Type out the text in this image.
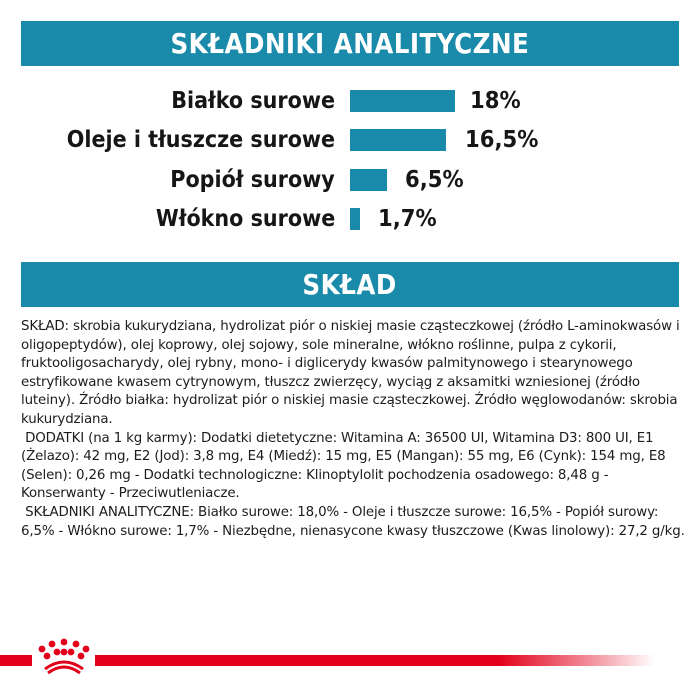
SKŁADNIKI ANALITYCZNE
Białko surowe	18%
Oleje i tłuszcze surowe	16,5%
Popiół surowy	6,5%
Włókno surowe 1,7%
SKŁAD

SKŁAD: skrobia kukurydziana, hydrolizat piór o niskiej masie cząsteczkowej (źródło L-aminokwasów i oligopeptydów), olej koprowy, olej sojowy, sole mineralne, włókno roślinne, pulpa z cykorii, fruktooligosacharydy, olej rybny, mono- i diglicerydy kwasów palmitynowego i stearynowego estryfikowane kwasem cytrynowym, tłuszcz zwierzęcy, wyciąg z aksamitki wzniesionej (źródło luteiny). Źródło białka: hydrolizat piór o niskiej masie cząsteczkowej. Źródło węglowodanów: skrobia kukurydziana.

DODATKI (na 1 kg karmy): Dodatki dietetyczne: Witamina A: 36500 UI, Witamina D3: 800 UI, E1 (Żelazo): 42 mg, E2 (Jod): 3,8 mg, E4 (Miedź): 15 mg, E5 (Mangan): 55 mg, E6 (Cynk): 154 mg, E8 (Selen): 0,26 mg - Dodatki technologiczne: Klinoptylolit pochodzenia osadowego: 8,48 g - Konserwanty - Przeciwutleniacze.

SKŁADNIKI ANALITYCZNE: Białko surowe: 18,0% - Oleje i tłuszcze surowe: 16,5% - Popiół surowy: 6,5% - Włókno surowe: 1,7% - Niezbędne, nienasycone kwasy tłuszczowe (Kwas linolowy): 27,2 g/kg.
